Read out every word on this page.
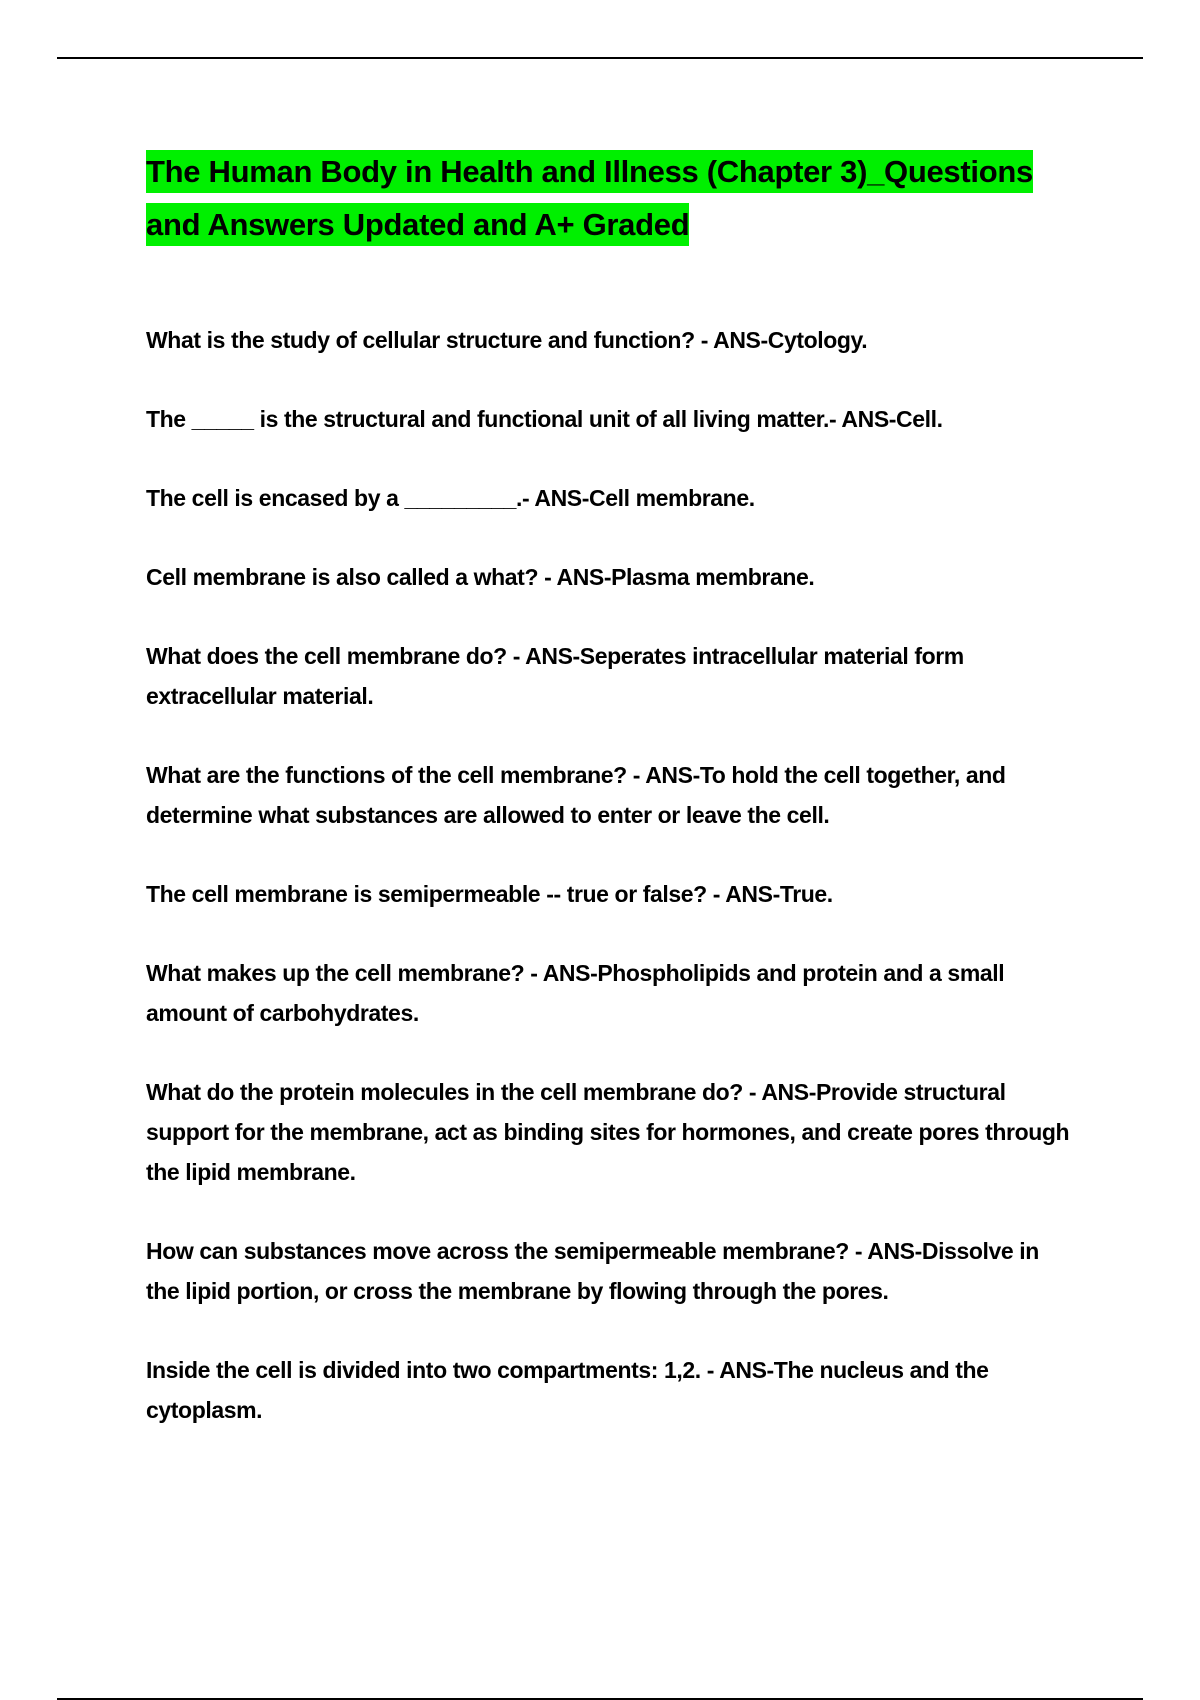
The Human Body in Health and Illness (Chapter 3)_Questions and Answers Updated and A+ Graded
What is the study of cellular structure and function? - ANS-Cytology.
The _____ is the structural and functional unit of all living matter.- ANS-Cell.
The cell is encased by a _________.- ANS-Cell membrane.
Cell membrane is also called a what? - ANS-Plasma membrane.
What does the cell membrane do? - ANS-Seperates intracellular material form extracellular material.
What are the functions of the cell membrane? - ANS-To hold the cell together, and determine what substances are allowed to enter or leave the cell.
The cell membrane is semipermeable -- true or false? - ANS-True.
What makes up the cell membrane? - ANS-Phospholipids and protein and a small amount of carbohydrates.
What do the protein molecules in the cell membrane do? - ANS-Provide structural support for the membrane, act as binding sites for hormones, and create pores through the lipid membrane.
How can substances move across the semipermeable membrane? - ANS-Dissolve in the lipid portion, or cross the membrane by flowing through the pores.
Inside the cell is divided into two compartments: 1,2. - ANS-The nucleus and the cytoplasm.
